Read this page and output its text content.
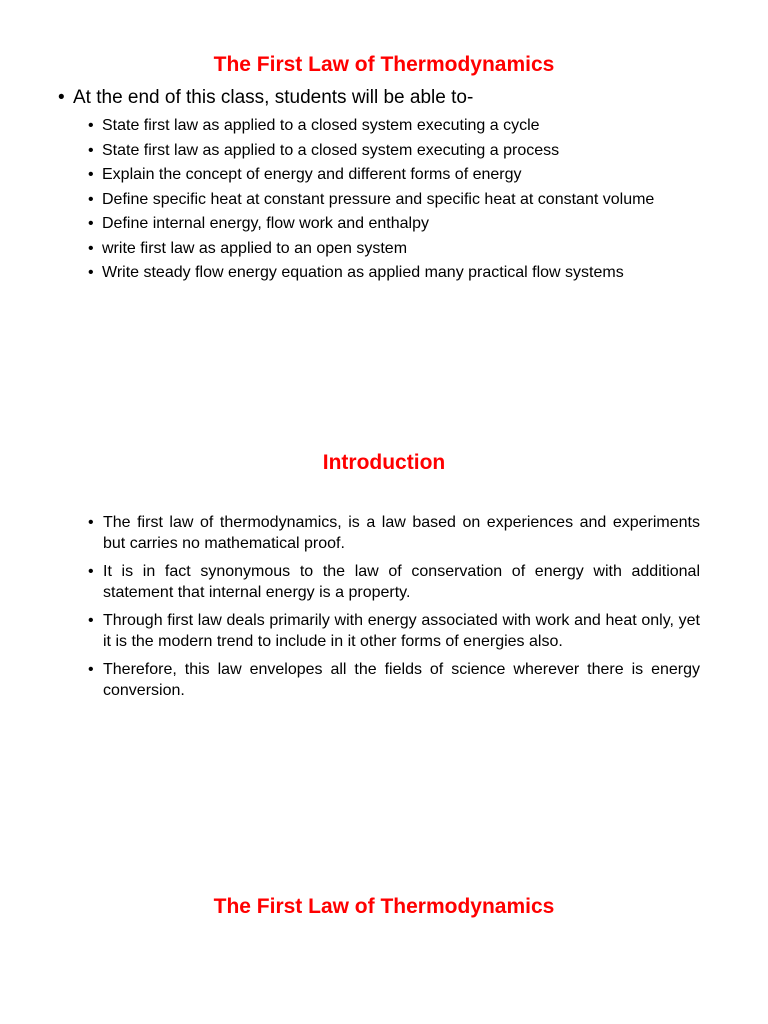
The First Law of Thermodynamics

• At the end of this class, students will be able to-

• State first law as applied to a closed system executing a cycle
• State first law as applied to a closed system executing a process
• Explain the concept of energy and different forms of energy
• Define specific heat at constant pressure and specific heat at constant volume
• Define internal energy, flow work and enthalpy
• write first law as applied to an open system
• Write steady flow energy equation as applied many practical flow systems
Introduction
• The first law of thermodynamics, is a law based on experiences and experiments but carries no mathematical proof.
• It is in fact synonymous to the law of conservation of energy with additional statement that internal energy is a property.
• Through first law deals primarily with energy associated with work and heat only, yet it is the modern trend to include in it other forms of energies also.
• Therefore, this law envelopes all the fields of science wherever there is energy conversion.
The First Law of Thermodynamics
